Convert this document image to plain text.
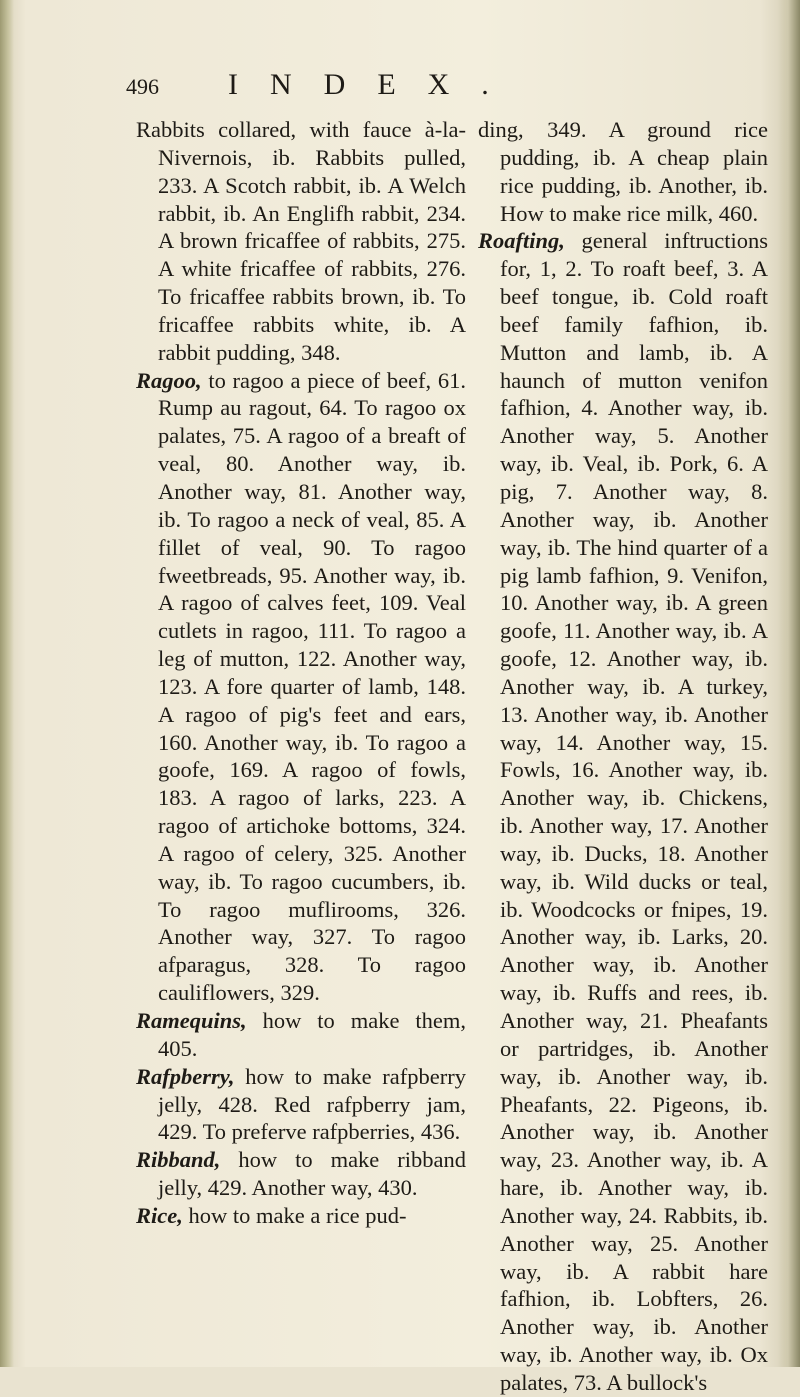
496 INDEX.

Rabbits collared, with fauce à-la-Nivernois, ib. Rabbits pulled, 233. A Scotch rabbit, ib. A Welch rabbit, ib. An Englifh rabbit, 234. A brown fricaffee of rabbits, 275. A white fricaffee of rabbits, 276. To fricaffee rabbits brown, ib. To fricaffee rabbits white, ib. A rabbit pudding, 348.

Ragoo, to ragoo a piece of beef, 61. Rump au ragout, 64. To ragoo ox palates, 75. A ragoo of a breaft of veal, 80. Another way, ib. Another way, 81. Another way, ib. To ragoo a neck of veal, 85. A fillet of veal, 90. To ragoo fweetbreads, 95. Another way, ib. A ragoo of calves feet, 109. Veal cutlets in ragoo, 111. To ragoo a leg of mutton, 122. Another way, 123. A fore quarter of lamb, 148. A ragoo of pig's feet and ears, 160. Another way, ib. To ragoo a goofe, 169. A ragoo of fowls, 183. A ragoo of larks, 223. A ragoo of artichoke bottoms, 324. A ragoo of celery, 325. Another way, ib. To ragoo cucumbers, ib. To ragoo muflirooms, 326. Another way, 327. To ragoo afparagus, 328. To ragoo cauliflowers, 329.

Ramequins, how to make them, 405.

Rafpberry, how to make rafpberry jelly, 428. Red rafpberry jam, 429. To preferve rafpberries, 436.

Ribband, how to make ribband jelly, 429. Another way, 430.

Rice, how to make a rice pud-

ding, 349. A ground rice pudding, ib. A cheap plain rice pudding, ib. Another, ib. How to make rice milk, 460.

Roafting, general inftructions for, 1, 2. To roaft beef, 3. A beef tongue, ib. Cold roaft beef family fafhion, ib. Mutton and lamb, ib. A haunch of mutton venifon fafhion, 4. Another way, ib. Another way, 5. Another way, ib. Veal, ib. Pork, 6. A pig, 7. Another way, 8. Another way, ib. Another way, ib. The hind quarter of a pig lamb fafhion, 9. Venifon, 10. Another way, ib. A green goofe, 11. Another way, ib. A goofe, 12. Another way, ib. Another way, ib. A turkey, 13. Another way, ib. Another way, 14. Another way, 15. Fowls, 16. Another way, ib. Another way, ib. Chickens, ib. Another way, 17. Another way, ib. Ducks, 18. Another way, ib. Wild ducks or teal, ib. Woodcocks or fnipes, 19. Another way, ib. Larks, 20. Another way, ib. Another way, ib. Ruffs and rees, ib. Another way, 21. Pheafants or partridges, ib. Another way, ib. Another way, ib. Pheafants, 22. Pigeons, ib. Another way, ib. Another way, 23. Another way, ib. A hare, ib. Another way, ib. Another way, 24. Rabbits, ib. Another way, 25. Another way, ib. A rabbit hare fafhion, ib. Lobfters, 26. Another way, ib. Another way, ib. Another way, ib. Ox palates, 73. A bullock's
